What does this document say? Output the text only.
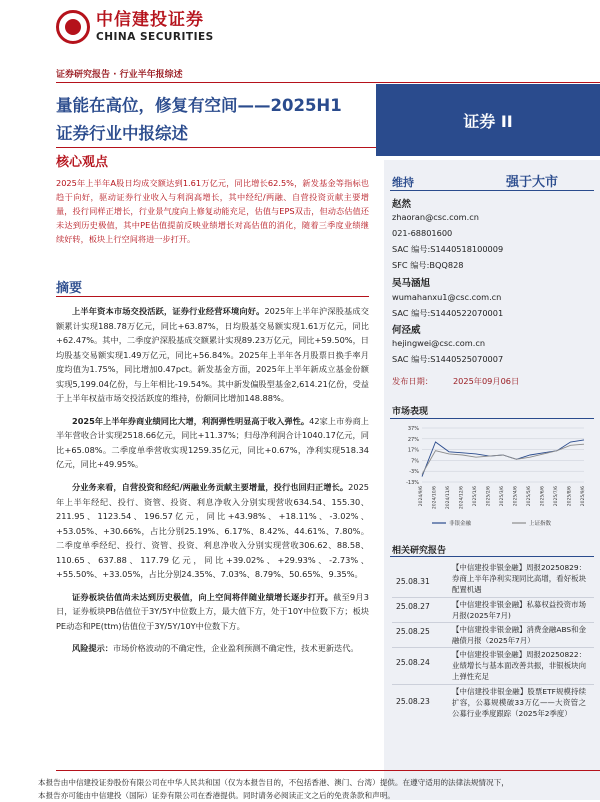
中信建投证券
CHINA SECURITIES
证券研究报告 · 行业半年报综述
量能在高位，修复有空间——2025H1
证券行业中报综述
证券 II
核心观点
2025年上半年A股日均成交额达到1.61万亿元，同比增长62.5%，新发基金等指标也趋于向好，驱动证券行业收入与利润高增长，其中经纪/两融、自营投资贡献主要增量，投行同样正增长，行业景气度向上修复动能充足，估值与EPS双击，但动态估值还未达到历史极值，其中PE估值提前反映业绩增长对高估值的消化，随着三季度业绩继续好转，板块上行空间将进一步打开。
摘要

上半年资本市场交投活跃，证券行业经营环境向好。2025年上半年沪深股基成交额累计实现188.78万亿元，同比+63.87%，日均股基交易额实现1.61万亿元，同比+62.47%。其中，二季度沪深股基成交额累计实现89.23万亿元，同比+59.50%，日均股基交易额实现1.49万亿元，同比+56.84%。2025年上半年各月股票日换手率月度均值为1.75%，同比增加0.47pct。新发基金方面，2025年上半年新成立基金份额实现5,199.04亿份，与上年相比-19.54%。其中新发偏股型基金2,614.21亿份，受益于上半年权益市场交投活跃度的维持，份额同比增加148.88%。

2025年上半年券商业绩同比大增，利润弹性明显高于收入弹性。42家上市券商上半年营收合计实现2518.66亿元，同比+11.37%；归母净利润合计1040.17亿元，同比+65.08%。二季度单季营收实现1259.35亿元，同比+0.67%，净利实现518.34亿元，同比+49.95%。

分业务来看，自营投资和经纪/两融业务贡献主要增量，投行也回归正增长。2025年上半年经纪、投行、资管、投资、利息净收入分别实现营收634.54、155.30、211.95、1123.54、196.57亿元，同比+43.98%、+18.11%、-3.02%、+53.05%、+30.66%，占比分别25.19%、6.17%、8.42%、44.61%、7.80%。二季度单季经纪、投行、资管、投资、利息净收入分别实现营收306.62、88.58、110.65、637.88、117.79亿元，同比+39.02%、+29.93%、-2.73%、+55.50%、+33.05%，占比分别24.35%、7.03%、8.79%、50.65%、9.35%。

证券板块估值尚未达到历史极值，向上空间将伴随业绩增长逐步打开。截至9月3日，证券板块PB估值位于3Y/5Y中位数上方，最大值下方，处于10Y中位数下方；板块PE动态和PE(ttm)估值位于3Y/5Y/10Y中位数下方。

风险提示：市场价格波动的不确定性，企业盈利预测不确定性，技术更新迭代。

维持	强于大市
赵然
zhaoran@csc.com.cn
021-68801600
SAC 编号:S1440518100009
SFC 编号:BQQ828
吴马涵旭
wumahanxu1@csc.com.cn
SAC 编号:S1440522070001
何泾威
hejingwei@csc.com.cn
SAC 编号:S1440525070007
发布日期： 2025年09月06日
市场表现
37%
27%
17%
7%
-3%
-13%
2024/9/6 2024/10/6 2024/11/6 2024/12/6 2025/1/6 2025/2/6 2025/3/6 2025/4/6 2025/5/6 2025/6/6 2025/7/6 2025/8/6 2025/9/6
非银金融	上证指数
相关研究报告
25.08.31
【中信建投非银金融】周报20250829：券商上半年净利实现同比高增，看好板块配置机遇
25.08.27	【中信建投非银金融】私募权益投资市场月报(2025年7月)
25.08.25	【中信建投非银金融】消费金融ABS和金融债月报（2025年7月）
25.08.24
【中信建投非银金融】周报20250822：业绩增长与基本面改善共振，非银板块向上弹性充足
25.08.23
【中信建投非银金融】股票ETF规模持续扩容，公募规模破33万亿——大资管之公募行业季度跟踪（2025年2季度）
本报告由中信建投证券股份有限公司在中华人民共和国（仅为本报告目的，不包括香港、澳门、台湾）提供。在遵守适用的法律法规情况下，
本报告亦可能由中信建投（国际）证券有限公司在香港提供。同时请务必阅读正文之后的免责条款和声明。
